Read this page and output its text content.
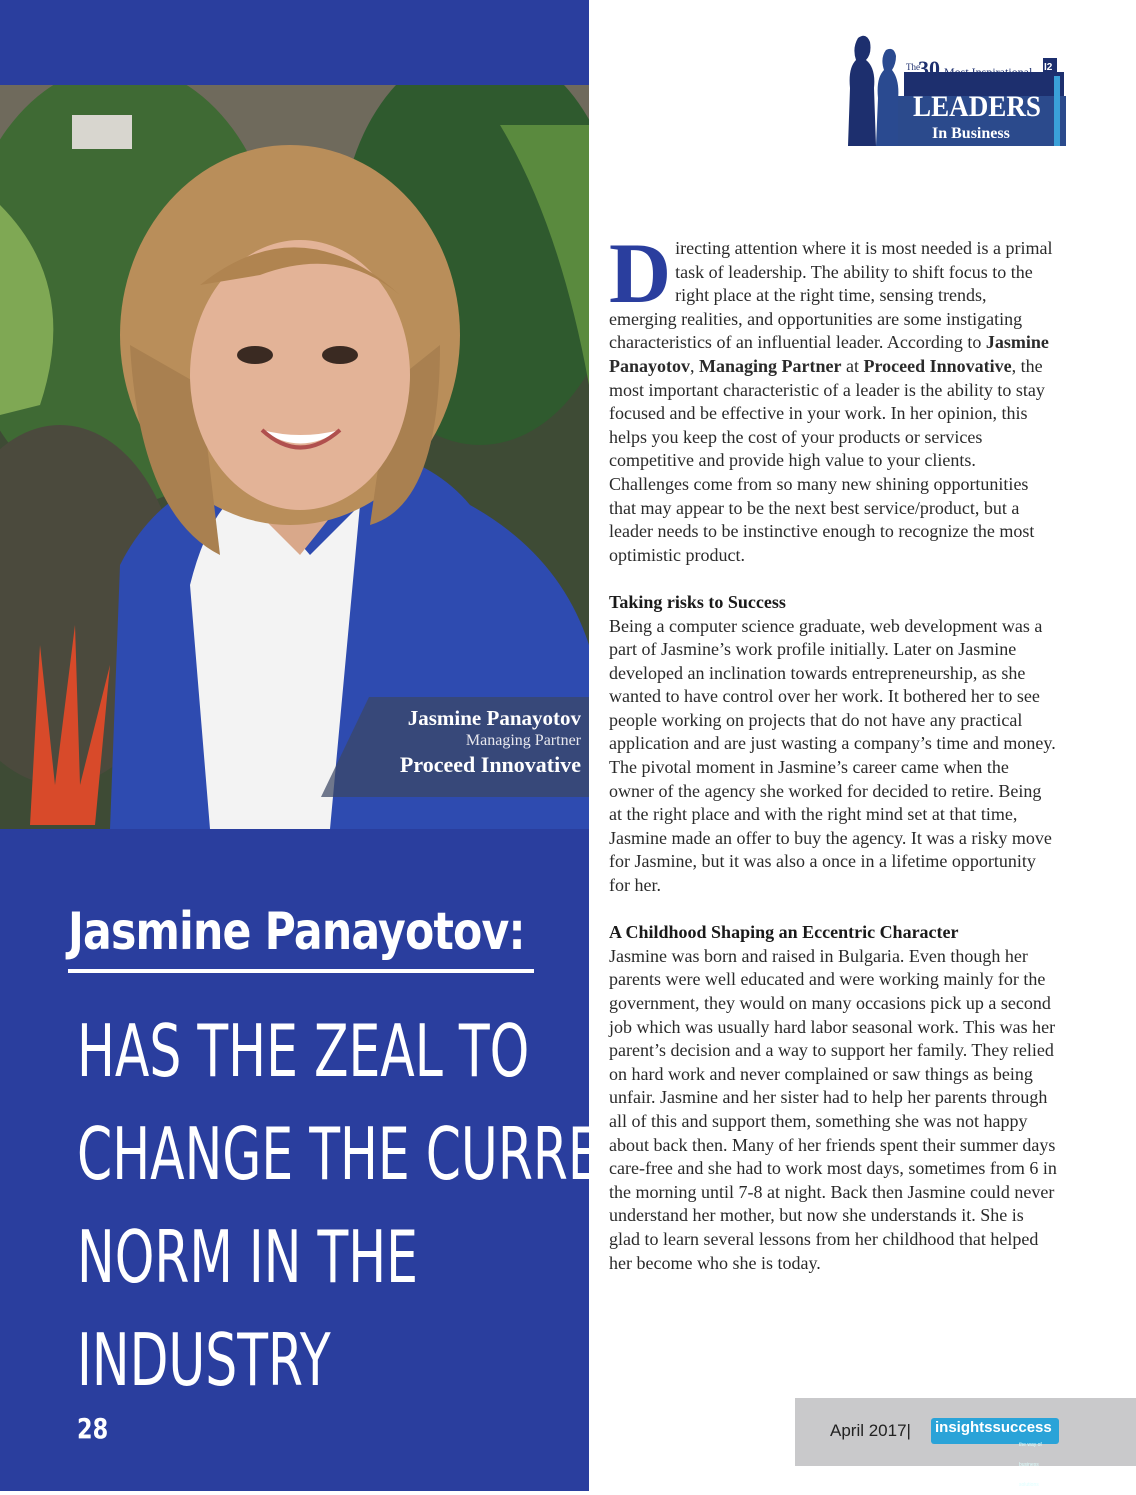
Jasmine Panayotov
Managing Partner
Proceed Innovative
Jasmine Panayotov:
HAS THE ZEAL TO
CHANGE THE CURRENT
NORM IN THE
INDUSTRY
28
The
30 Most Inspirational
LEADERS
In Business
I2

Directing attention where it is most needed is a primal task of leadership. The ability to shift focus to the right place at the right time, sensing trends, emerging realities, and opportunities are some instigating characteristics of an influential leader. According to Jasmine Panayotov, Managing Partner at Proceed Innovative, the most important characteristic of a leader is the ability to stay focused and be effective in your work. In her opinion, this helps you keep the cost of your products or services competitive and provide high value to your clients. Challenges come from so many new shining opportunities that may appear to be the next best service/product, but a leader needs to be instinctive enough to recognize the most optimistic product.

Taking risks to Success

Being a computer science graduate, web development was a part of Jasmine’s work profile initially. Later on Jasmine developed an inclination towards entrepreneurship, as she wanted to have control over her work. It bothered her to see people working on projects that do not have any practical application and are just wasting a company’s time and money. The pivotal moment in Jasmine’s career came when the owner of the agency she worked for decided to retire. Being at the right place and with the right mind set at that time, Jasmine made an offer to buy the agency. It was a risky move for Jasmine, but it was also a once in a lifetime opportunity for her.

A Childhood Shaping an Eccentric Character

Jasmine was born and raised in Bulgaria. Even though her parents were well educated and were working mainly for the government, they would on many occasions pick up a second job which was usually hard labor seasonal work. This was her parent’s decision and a way to support her family. They relied on hard work and never complained or saw things as being unfair. Jasmine and her sister had to help her parents through all of this and support them, something she was not happy about back then. Many of her friends spent their summer days care-free and she had to work most days, sometimes from 6 in the morning until 7-8 at night. Back then Jasmine could never understand her mother, but now she understands it. She is glad to learn several lessons from her childhood that helped her become who she is today.

April 2017| insightssuccess
the way of business solutions
